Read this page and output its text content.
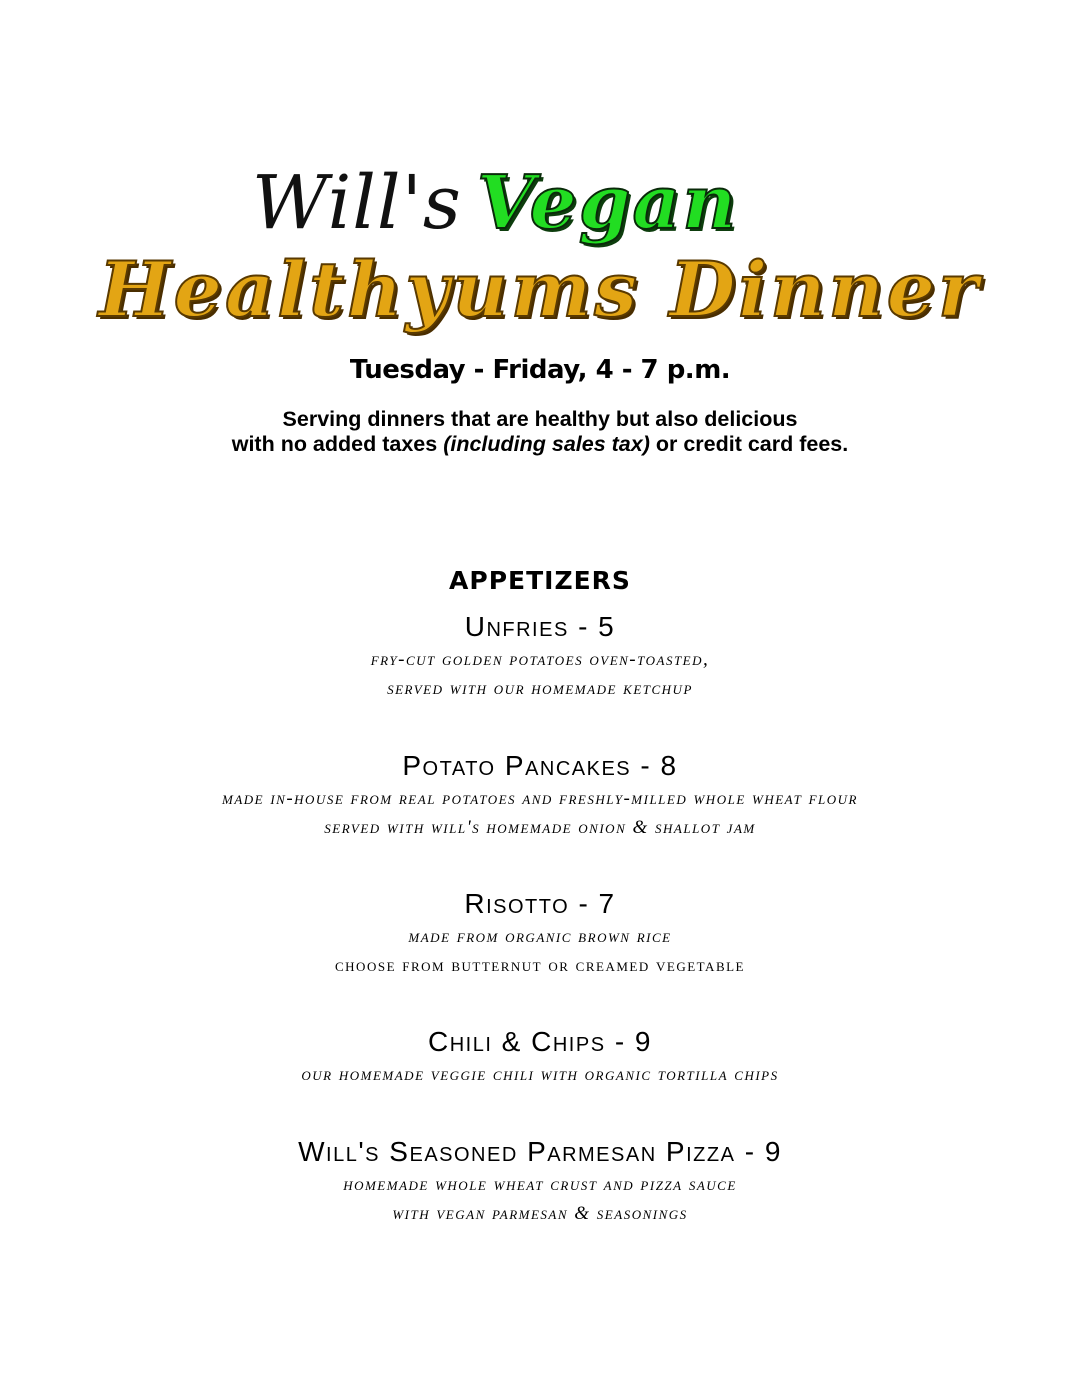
Will's Vegan
Healthyums Dinner
Tuesday - Friday, 4 - 7 p.m.
Serving dinners that are healthy but also delicious
with no added taxes (including sales tax) or credit card fees.
APPETIZERS
Unfries - 5
fry-cut golden potatoes oven-toasted,
served with our homemade ketchup
Potato Pancakes - 8
made in-house from real potatoes and freshly-milled whole wheat flour
served with will's homemade onion & shallot jam
Risotto - 7
made from organic brown rice
choose from butternut or creamed vegetable
Chili & Chips - 9
our homemade veggie chili with organic tortilla chips
Will's Seasoned Parmesan Pizza - 9
homemade whole wheat crust and pizza sauce
with vegan parmesan & seasonings
